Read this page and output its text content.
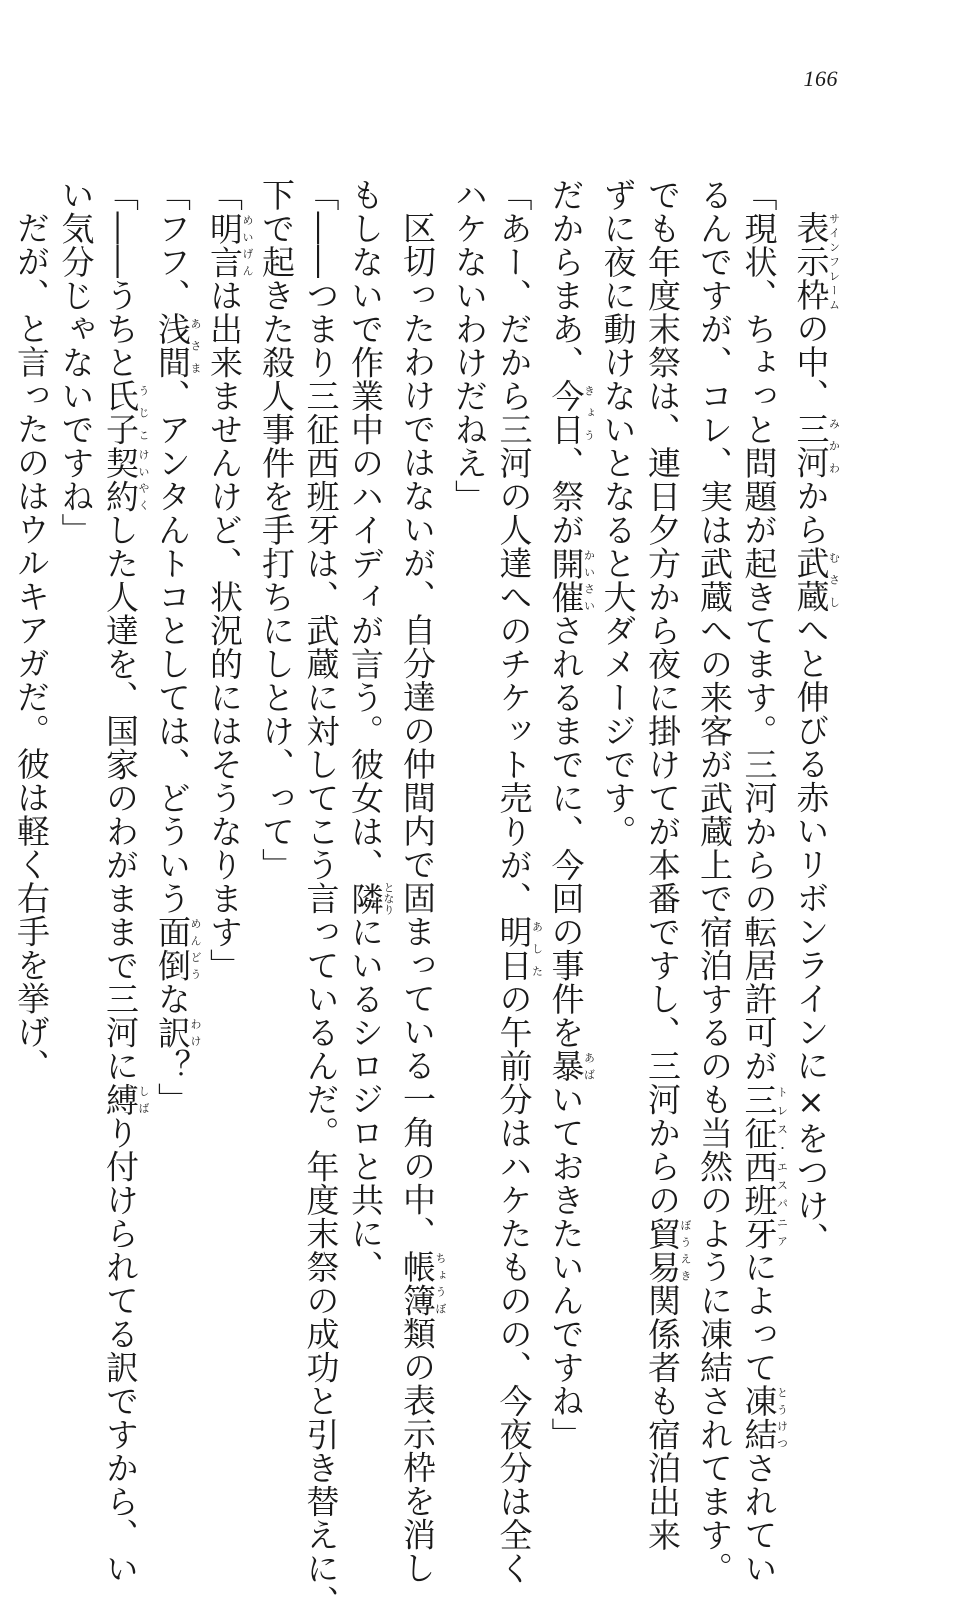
166
表示枠サインフレームの中、三河みかわから武蔵むさしへと伸びる赤いリボンラインに×をつけ、
「現状、ちょっと問題が起きてます。三河からの転居許可が三征西班牙トレス・エスパニアによって凍結とうけつされてい
るんですが、コレ、実は武蔵への来客が武蔵上で宿泊するのも当然のように凍結されてます。
でも年度末祭は、連日夕方から夜に掛けてが本番ですし、三河からの貿易ぼうえき関係者も宿泊出来
ずに夜に動けないとなると大ダメージです。
だからまあ、今日きょう、祭が開催かいさいされるまでに、今回の事件を暴あばいておきたいんですね」
「あー、だから三河の人達へのチケット売りが、明日あしたの午前分はハケたものの、今夜分は全く
ハケないわけだねえ」
区切ったわけではないが、自分達の仲間内で固まっている一角の中、帳簿ちょうぼ類の表示枠を消し
もしないで作業中のハイディが言う。彼女は、隣となりにいるシロジロと共に、
「――つまり三征西班牙は、武蔵に対してこう言っているんだ。年度末祭の成功と引き替えに、
下で起きた殺人事件を手打ちにしとけ、って」
「明言めいげんは出来ませんけど、状況的にはそうなります」
「フフ、浅間あさま、アンタんトコとしては、どういう面倒めんどうな訳わけ？」
「――うちと氏子うじこ契約けいやくした人達を、国家のわがままで三河に縛しばり付けられてる訳ですから、い
い気分じゃないですね」
だが、と言ったのはウルキアガだ。彼は軽く右手を挙げ、
